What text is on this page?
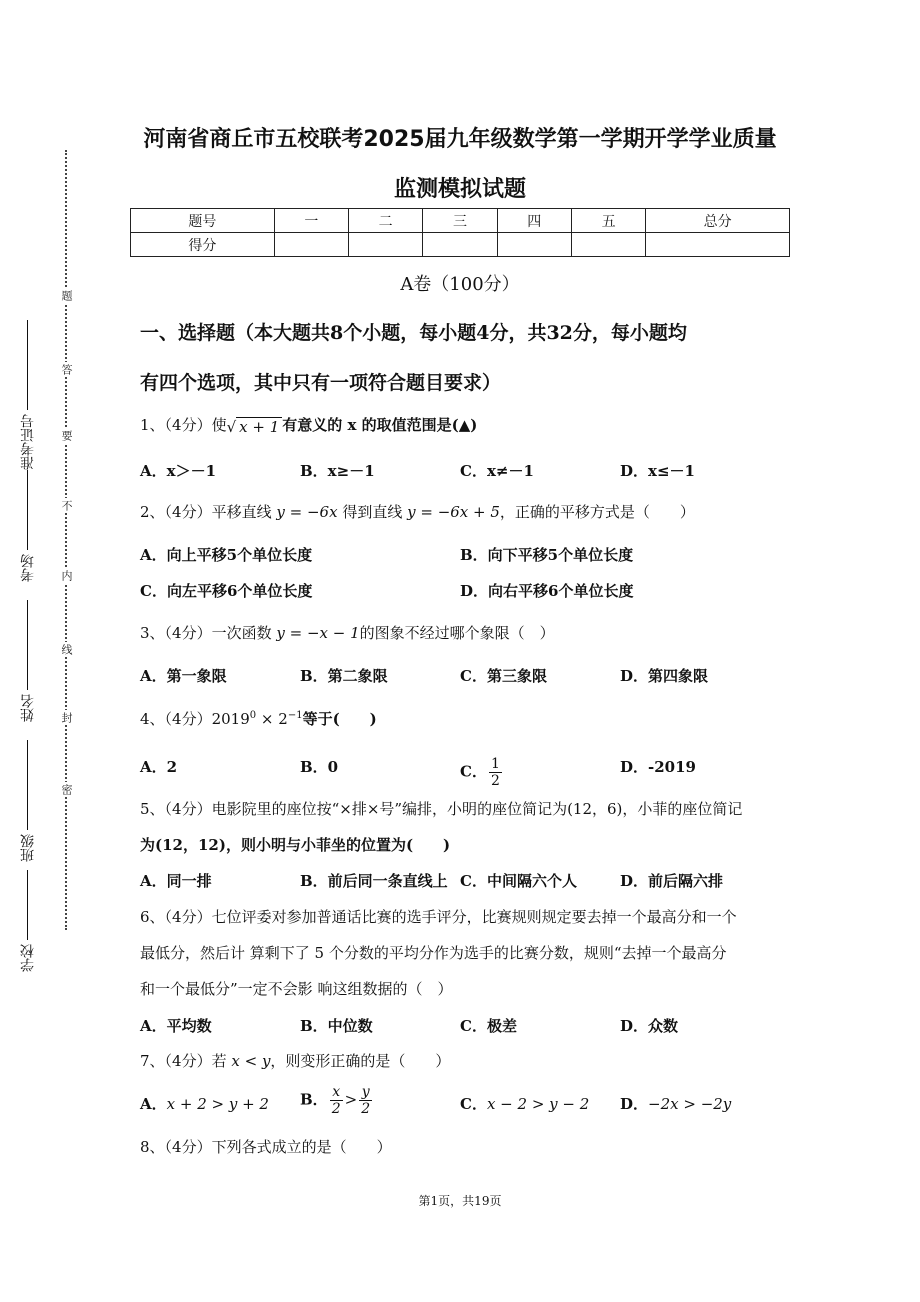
题
答
要
不
内
线
封
密
准考证号
考场
姓名
班级
学校
河南省商丘市五校联考2025届九年级数学第一学期开学学业质量
监测模拟试题
题号	一	二	三	四	五	总分
得分						
A卷（100分）
一、选择题（本大题共8个小题，每小题4分，共32分，每小题均
有四个选项，其中只有一项符合题目要求）
1、（4分）使√ x + 1 有意义的 x 的取值范围是(▲)
A．x＞－1	B．x≥－1	C．x≠－1	D．x≤－1
2、（4分）平移直线 y = −6x 得到直线 y = −6x + 5，正确的平移方式是（　　）
A．向上平移5个单位长度	B．向下平移5个单位长度
C．向左平移6个单位长度	D．向右平移6个单位长度
3、（4分）一次函数 y = −x − 1的图象不经过哪个象限（　）
A．第一象限	B．第二象限	C．第三象限	D．第四象限
4、（4分）$2019^0 \times 2^{-1}$等于(　　)
A．2	B．0	C． $\frac{1}{2}$	D．-2019
5、（4分）电影院里的座位按“×排×号”编排，小明的座位简记为(12，6)，小菲的座位简记
为(12，12)，则小明与小菲坐的位置为(　　)
A．同一排	B．前后同一条直线上 C．中间隔六个人	D．前后隔六排
6、（4分）七位评委对参加普通话比赛的选手评分，比赛规则规定要去掉一个最高分和一个
最低分，然后计 算剩下了 5 个分数的平均分作为选手的比赛分数，规则“去掉一个最高分
和一个最低分”一定不会影 响这组数据的（　）
A．平均数	B．中位数	C．极差	D．众数
7、（4分）若 x < y，则变形正确的是（　　）
A．x + 2 > y + 2 B． $\frac{x}{2} > \frac{y}{2}$	C．x − 2 > y − 2 D．−2x > −2y
8、（4分）下列各式成立的是（　　）
第1页，共19页
